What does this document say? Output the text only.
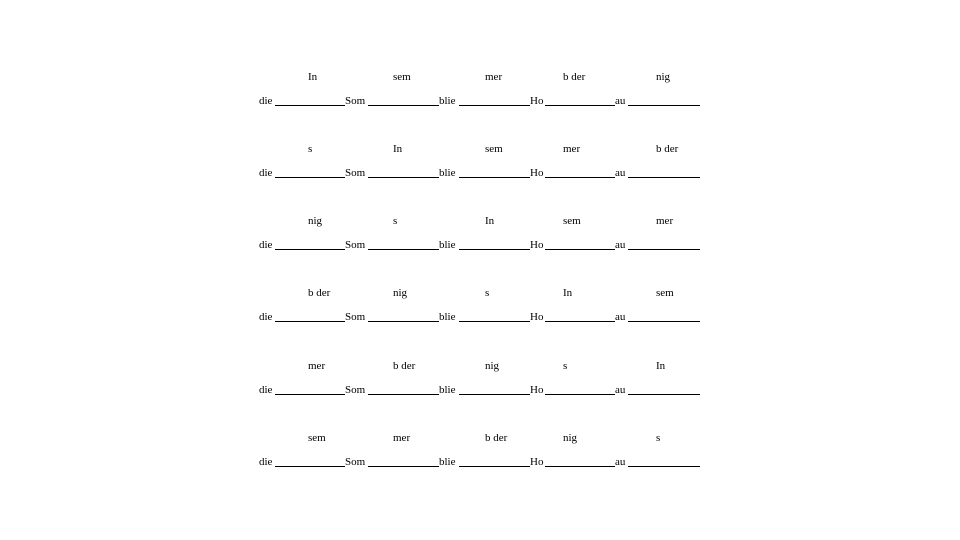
In	sem	mer	b der	nig
die	Som	blie	Ho	au
s	In	sem	mer	b der
die	Som	blie	Ho	au
nig	s	In	sem	mer
die	Som	blie	Ho	au
b der	nig	s	In	sem
die	Som	blie	Ho	au
mer	b der	nig	s	In
die	Som	blie	Ho	au
sem	mer	b der	nig	s
die	Som	blie	Ho	au
